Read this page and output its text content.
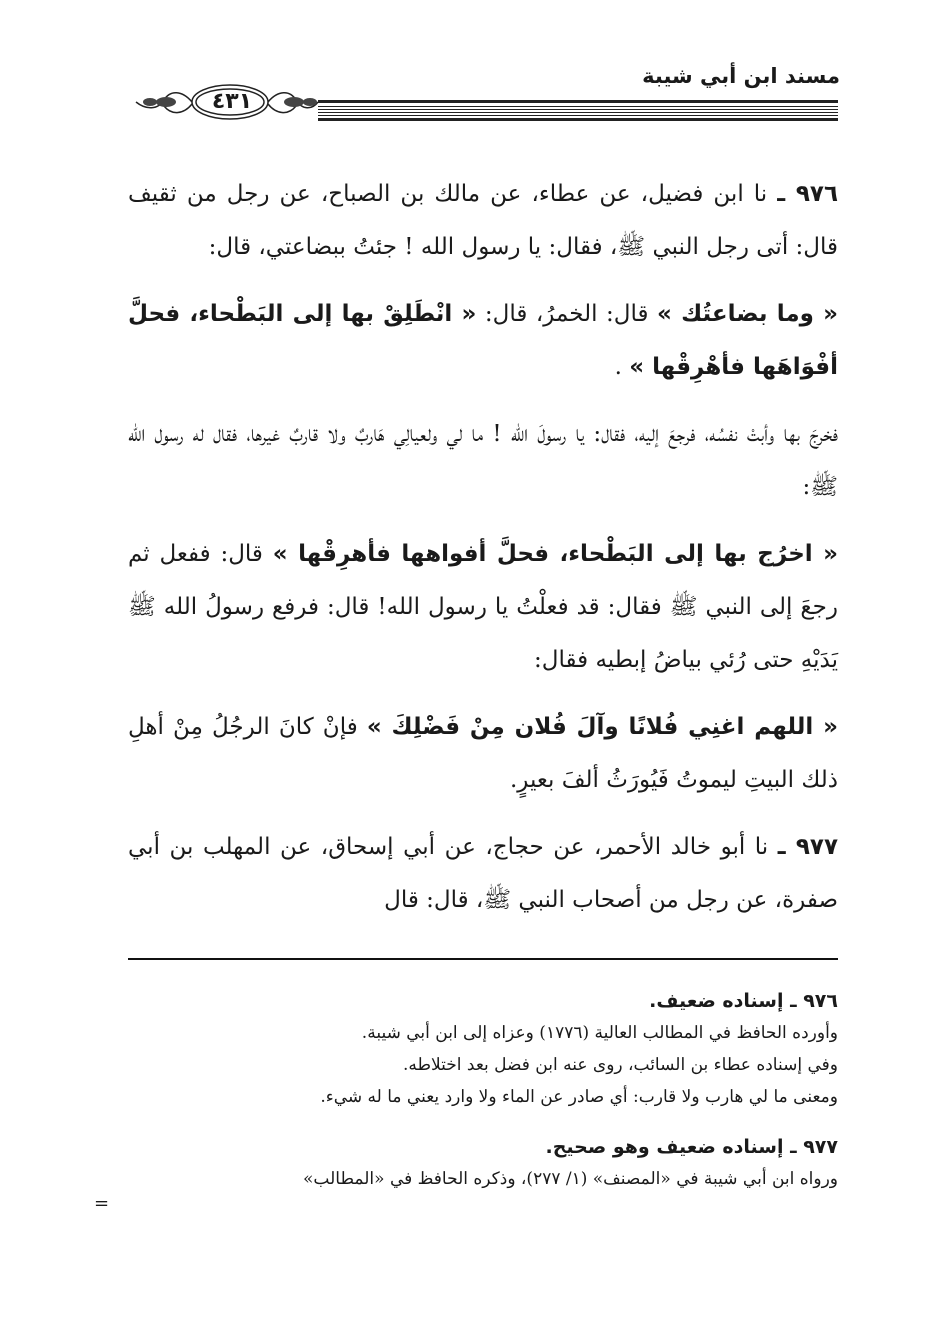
مسند ابن أبي شيبة
٤٣١

٩٧٦ ـ نا ابن فضيل، عن عطاء، عن مالك بن الصباح، عن رجل من ثقيف قال: أتى رجل النبي ﷺ، فقال: يا رسول الله ! جئتُ ببضاعتي، قال:

« وما بضاعتُك » قال: الخمرُ، قال: « انْطَلِقْ بها إلى البَطْحاء، فحلَّ أفْوَاهَها فأهْرِقْها » .

فخرجَ بها وأبتْ نفسُه، فرجعَ إليه، فقال: يا رسولَ الله ! ما لي ولعيالِي هَاربٌ ولا قاربٌ غيرها، فقال له رسول الله ﷺ:

« اخرُج بها إلى البَطْحاء، فحلَّ أفواهها فأهرِقْها » قال: ففعل ثم رجعَ إلى النبي ﷺ فقال: قد فعلْتُ يا رسول الله! قال: فرفع رسولُ الله ﷺ يَدَيْهِ حتى رُئي بياضُ إبطيه فقال:

« اللهم اغنِي فُلانًا وآلَ فُلان مِنْ فَضْلِكَ » فإنْ كانَ الرجُلُ مِنْ أهلِ ذلك البيتِ ليموتُ فَيُورَثُ ألفَ بعيرٍ.

٩٧٧ ـ نا أبو خالد الأحمر، عن حجاج، عن أبي إسحاق، عن المهلب بن أبي صفرة، عن رجل من أصحاب النبي ﷺ، قال: قال

٩٧٦ ـ إسناده ضعيف.

وأورده الحافظ في المطالب العالية (١٧٧٦) وعزاه إلى ابن أبي شيبة.

وفي إسناده عطاء بن السائب، روى عنه ابن فضل بعد اختلاطه.

ومعنى ما لي هارب ولا قارب: أي صادر عن الماء ولا وارد يعني ما له شيء.

٩٧٧ ـ إسناده ضعيف وهو صحيح.

ورواه ابن أبي شيبة في «المصنف» (١/ ٢٧٧)، وذكره الحافظ في «المطالب»

=
